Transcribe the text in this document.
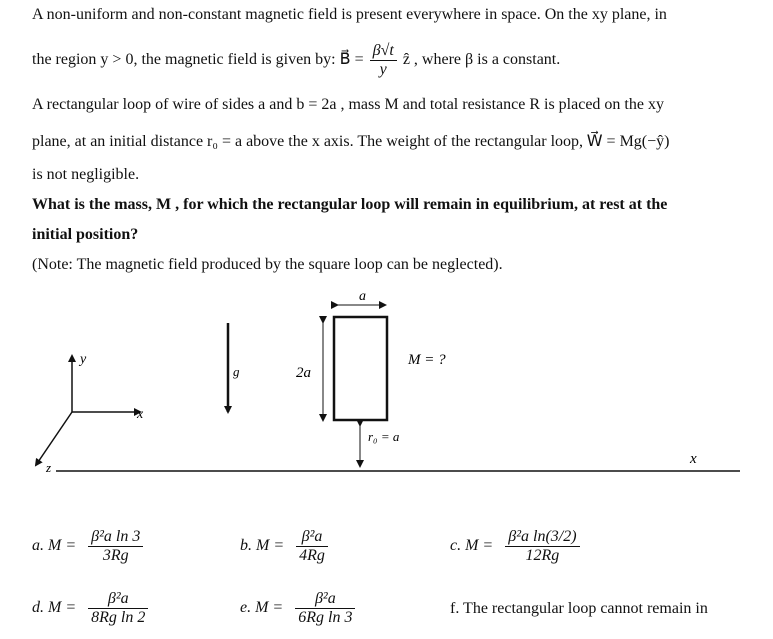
A non-uniform and non-constant magnetic field is present everywhere in space. On the xy plane, in
the region y > 0, the magnetic field is given by: B⃗ = $\frac{\beta√t}{y}$ ẑ , where β is a constant.
A rectangular loop of wire of sides a and b = 2a , mass M and total resistance R is placed on the xy
plane, at an initial distance r₀ = a above the x axis. The weight of the rectangular loop, W⃗ = Mg(−ŷ)
is not negligible.
What is the mass, M , for which the rectangular loop will remain in equilibrium, at rest at the
initial position?
(Note: The magnetic field produced by the square loop can be neglected).
y
x
z
x
g
a
2a
M = ?
r₀ = a
a. $M = \frac{\text{β²a ln 3}}{3Rg}$	b. $M = \frac{\text{β²a}}{4Rg}$	c. $M = \frac{\text{β²a ln(3/2)}}{12Rg}$
d. $M = \frac{\text{β²a}}{\text{8Rg ln 2}}$	e. $M = \frac{\text{β²a}}{\text{6Rg ln 3}}$	f. The rectangular loop cannot remain in
